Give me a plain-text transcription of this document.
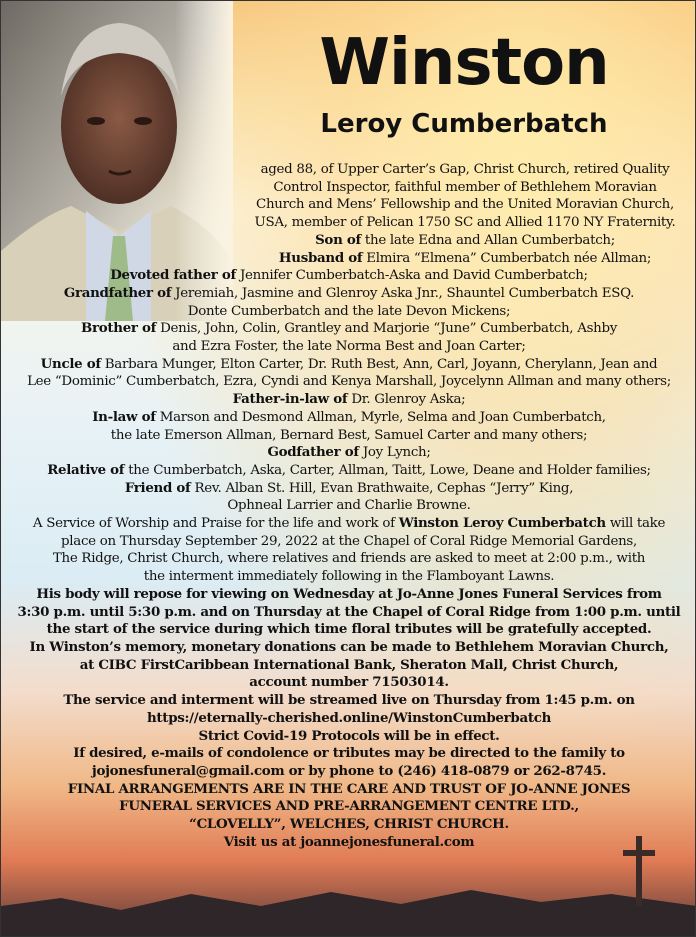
Winston
Leroy Cumberbatch
aged 88, of Upper Carter’s Gap, Christ Church, retired Quality
Control Inspector, faithful member of Bethlehem Moravian
Church and Mens’ Fellowship and the United Moravian Church,
USA, member of Pelican 1750 SC and Allied 1170 NY Fraternity.
Son of the late Edna and Allan Cumberbatch;
Husband of Elmira “Elmena” Cumberbatch née Allman;
Devoted father of Jennifer Cumberbatch-Aska and David Cumberbatch;
Grandfather of Jeremiah, Jasmine and Glenroy Aska Jnr., Shauntel Cumberbatch ESQ.
Donte Cumberbatch and the late Devon Mickens;
Brother of Denis, John, Colin, Grantley and Marjorie “June” Cumberbatch, Ashby
and Ezra Foster, the late Norma Best and Joan Carter;
Uncle of Barbara Munger, Elton Carter, Dr. Ruth Best, Ann, Carl, Joyann, Cherylann, Jean and
Lee “Dominic” Cumberbatch, Ezra, Cyndi and Kenya Marshall, Joycelynn Allman and many others;
Father-in-law of Dr. Glenroy Aska;
In-law of Marson and Desmond Allman, Myrle, Selma and Joan Cumberbatch,
the late Emerson Allman, Bernard Best, Samuel Carter and many others;
Godfather of Joy Lynch;
Relative of the Cumberbatch, Aska, Carter, Allman, Taitt, Lowe, Deane and Holder families;
Friend of Rev. Alban St. Hill, Evan Brathwaite, Cephas “Jerry” King,
Ophneal Larrier and Charlie Browne.
A Service of Worship and Praise for the life and work of Winston Leroy Cumberbatch will take
place on Thursday September 29, 2022 at the Chapel of Coral Ridge Memorial Gardens,
The Ridge, Christ Church, where relatives and friends are asked to meet at 2:00 p.m., with
the interment immediately following in the Flamboyant Lawns.
His body will repose for viewing on Wednesday at Jo-Anne Jones Funeral Services from
3:30 p.m. until 5:30 p.m. and on Thursday at the Chapel of Coral Ridge from 1:00 p.m. until
the start of the service during which time floral tributes will be gratefully accepted.
In Winston’s memory, monetary donations can be made to Bethlehem Moravian Church,
at CIBC FirstCaribbean International Bank, Sheraton Mall, Christ Church,
account number 71503014.
The service and interment will be streamed live on Thursday from 1:45 p.m. on
https://eternally-cherished.online/WinstonCumberbatch
Strict Covid-19 Protocols will be in effect.
If desired, e-mails of condolence or tributes may be directed to the family to
jojonesfuneral@gmail.com or by phone to (246) 418-0879 or 262-8745.
FINAL ARRANGEMENTS ARE IN THE CARE AND TRUST OF JO-ANNE JONES
FUNERAL SERVICES AND PRE-ARRANGEMENT CENTRE LTD.,
“CLOVELLY”, WELCHES, CHRIST CHURCH.
Visit us at joannejonesfuneral.com
